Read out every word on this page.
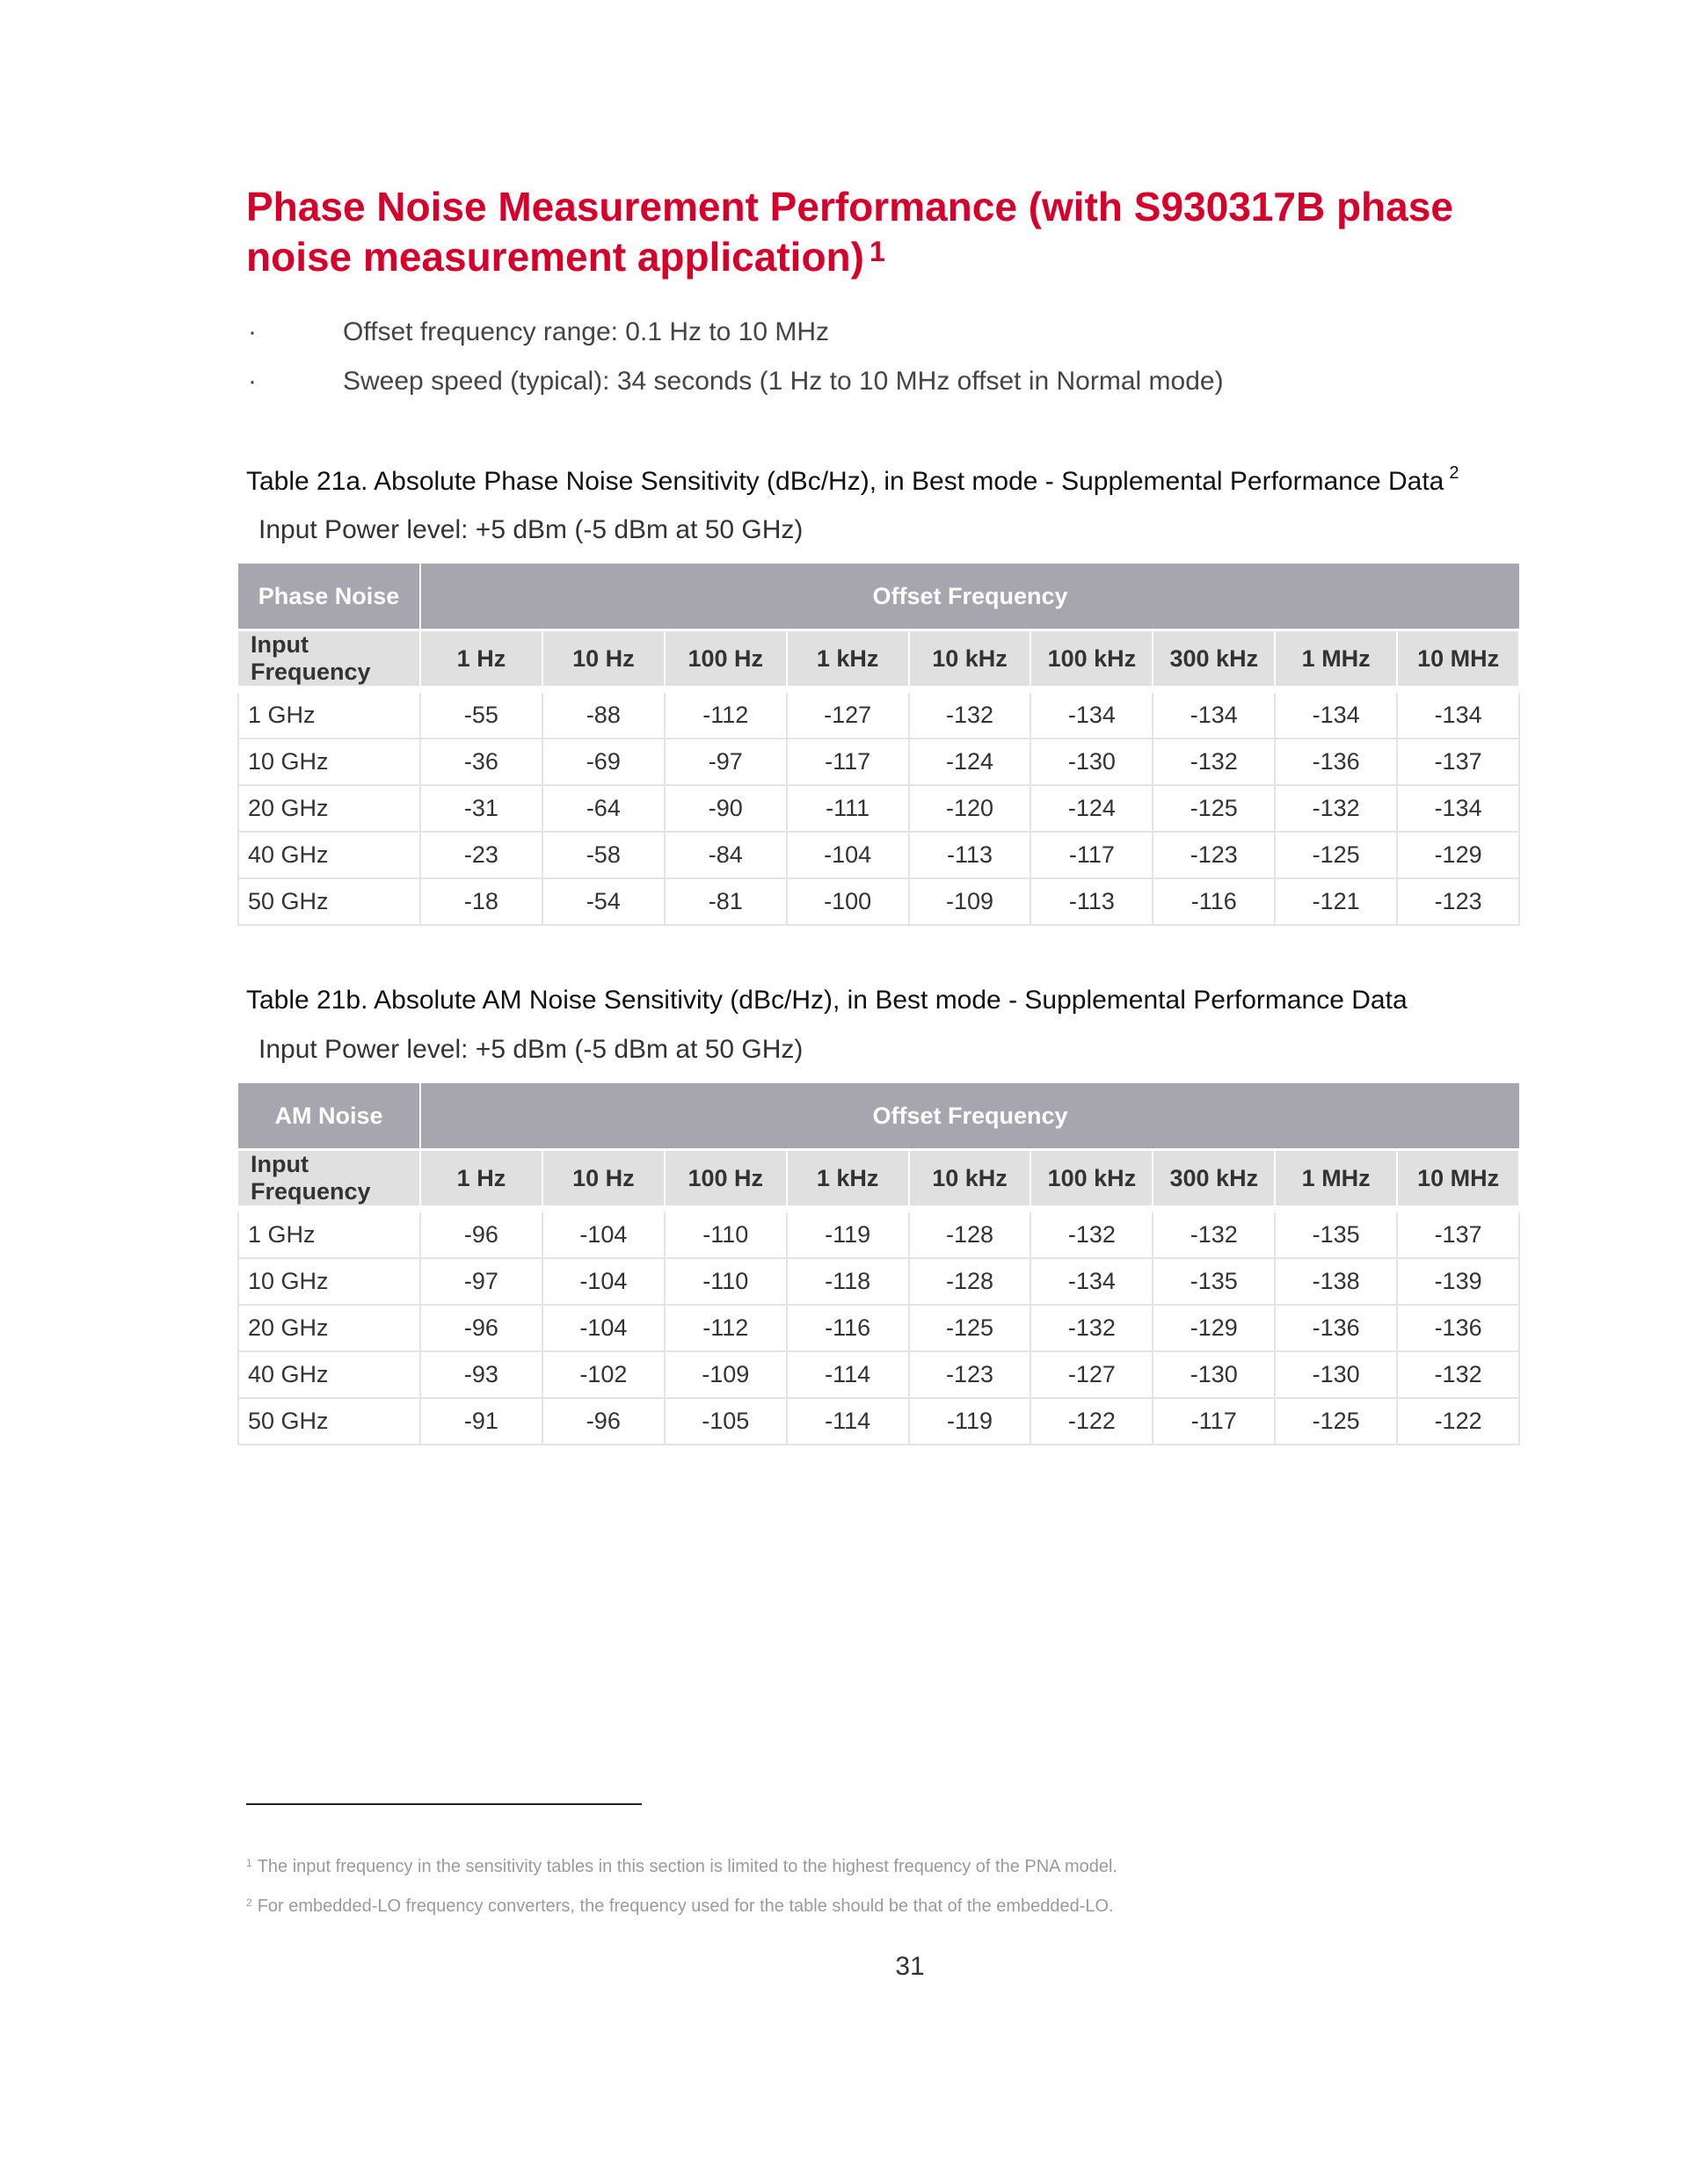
Phase Noise Measurement Performance (with S930317B phase noise measurement application) $^1$
·	Offset frequency range: 0.1 Hz to 10 MHz
·	Sweep speed (typical): 34 seconds (1 Hz to 10 MHz offset in Normal mode)
Table 21a. Absolute Phase Noise Sensitivity (dBc/Hz), in Best mode - Supplemental Performance Data $^2$
Input Power level: +5 dBm (-5 dBm at 50 GHz)
Phase Noise	Offset Frequency								
Input Frequency	1 Hz	10 Hz	100 Hz	1 kHz	10 kHz	100 kHz	300 kHz	1 MHz	10 MHz
1 GHz	-55	-88	-112	-127	-132	-134	-134	-134	-134
10 GHz	-36	-69	-97	-117	-124	-130	-132	-136	-137
20 GHz	-31	-64	-90	-111	-120	-124	-125	-132	-134
40 GHz	-23	-58	-84	-104	-113	-117	-123	-125	-129
50 GHz	-18	-54	-81	-100	-109	-113	-116	-121	-123
Table 21b. Absolute AM Noise Sensitivity (dBc/Hz), in Best mode - Supplemental Performance Data
Input Power level: +5 dBm (-5 dBm at 50 GHz)
AM Noise	Offset Frequency								
Input Frequency	1 Hz	10 Hz	100 Hz	1 kHz	10 kHz	100 kHz	300 kHz	1 MHz	10 MHz
1 GHz	-96	-104	-110	-119	-128	-132	-132	-135	-137
10 GHz	-97	-104	-110	-118	-128	-134	-135	-138	-139
20 GHz	-96	-104	-112	-116	-125	-132	-129	-136	-136
40 GHz	-93	-102	-109	-114	-123	-127	-130	-130	-132
50 GHz	-91	-96	-105	-114	-119	-122	-117	-125	-122
$^1$ The input frequency in the sensitivity tables in this section is limited to the highest frequency of the PNA model.
$^2$ For embedded-LO frequency converters, the frequency used for the table should be that of the embedded-LO.
31
